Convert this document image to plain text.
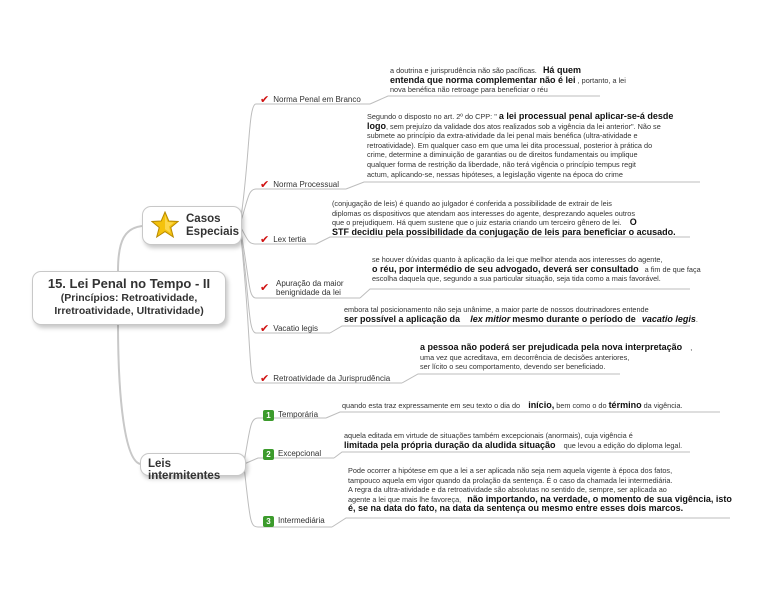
15. Lei Penal no Tempo - II
(Princípios: Retroatividade,
Irretroatividade, Ultratividade)
Casos
Especiais
Leis intermitentes
✔ Norma Penal em Branco
a doutrina e jurisprudência não são pacíficas. Há quem
entenda que norma complementar não é lei , portanto, a lei
nova benéfica não retroage para beneficiar o réu
✔ Norma Processual
Segundo o disposto no art. 2º do CPP: " a lei processual penal aplicar-se-á desde
logo, sem prejuízo da validade dos atos realizados sob a vigência da lei anterior". Não se
submete ao princípio da extra-atividade da lei penal mais benéfica (ultra-atividade e
retroatividade). Em qualquer caso em que uma lei dita processual, posterior à prática do
crime, determine a diminuição de garantias ou de direitos fundamentais ou implique
qualquer forma de restrição da liberdade, não terá vigência o princípio tempus regit
actum, aplicando-se, nessas hipóteses, a legislação vigente na época do crime
✔ Lex tertia
(conjugação de leis) é quando ao julgador é conferida a possibilidade de extrair de leis
diplomas os dispositivos que atendam aos interesses do agente, desprezando aqueles outros
que o prejudiquem. Há quem sustene que o juiz estaria criando um terceiro gênero de lei. O
STF decidiu pela possibilidade da conjugação de leis para beneficiar o acusado.
✔ Apuração da maior
benignidade da lei
se houver dúvidas quanto à aplicação da lei que melhor atenda aos interesses do agente,
o réu, por intermédio de seu advogado, deverá ser consultado a fim de que faça
escolha daquela que, segundo a sua particular situação, seja tida como a mais favorável.
✔ Vacatio legis
embora tal posicionamento não seja unânime, a maior parte de nossos doutrinadores entende
ser possível a aplicação da lex mitior mesmo durante o período de vacatio legis.
✔ Retroatividade da Jurisprudência
a pessoa não poderá ser prejudicada pela nova interpretação ,
uma vez que acreditava, em decorrência de decisões anteriores,
ser lícito o seu comportamento, devendo ser beneficiado.
1 Temporária
quando esta traz expressamente em seu texto o dia do início, bem como o do término da vigência.
2 Excepcional
aquela editada em virtude de situações também excepcionais (anormais), cuja vigência é
limitada pela própria duração da aludida situação que levou a edição do diploma legal.
3 Intermediária
Pode ocorrer a hipótese em que a lei a ser aplicada não seja nem aquela vigente à época dos fatos,
tampouco aquela em vigor quando da prolação da sentença. É o caso da chamada lei intermediária.
A regra da ultra-atividade e da retroatividade são absolutas no sentido de, sempre, ser aplicada ao
agente a lei que mais lhe favoreça, não importando, na verdade, o momento de sua vigência, isto
é, se na data do fato, na data da sentença ou mesmo entre esses dois marcos.
